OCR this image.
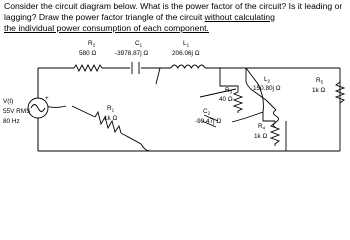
Consider the circuit diagram below. What is the power factor of the circuit? Is it leading or lagging? Draw the power factor triangle of the circuit without calculating
the individual power consumption of each component.

+
$R_2$
580 Ω
$C_1$
-3978.87j Ω
$L_1$
206.06j Ω
V(t)
55V RMS
80 Hz
$R_1$
1k Ω
$R_3$
40 Ω
$L_2$
150.80j Ω
$C_2$
-99.47j Ω
$R_4$
1k Ω
$R_5$
1k Ω
